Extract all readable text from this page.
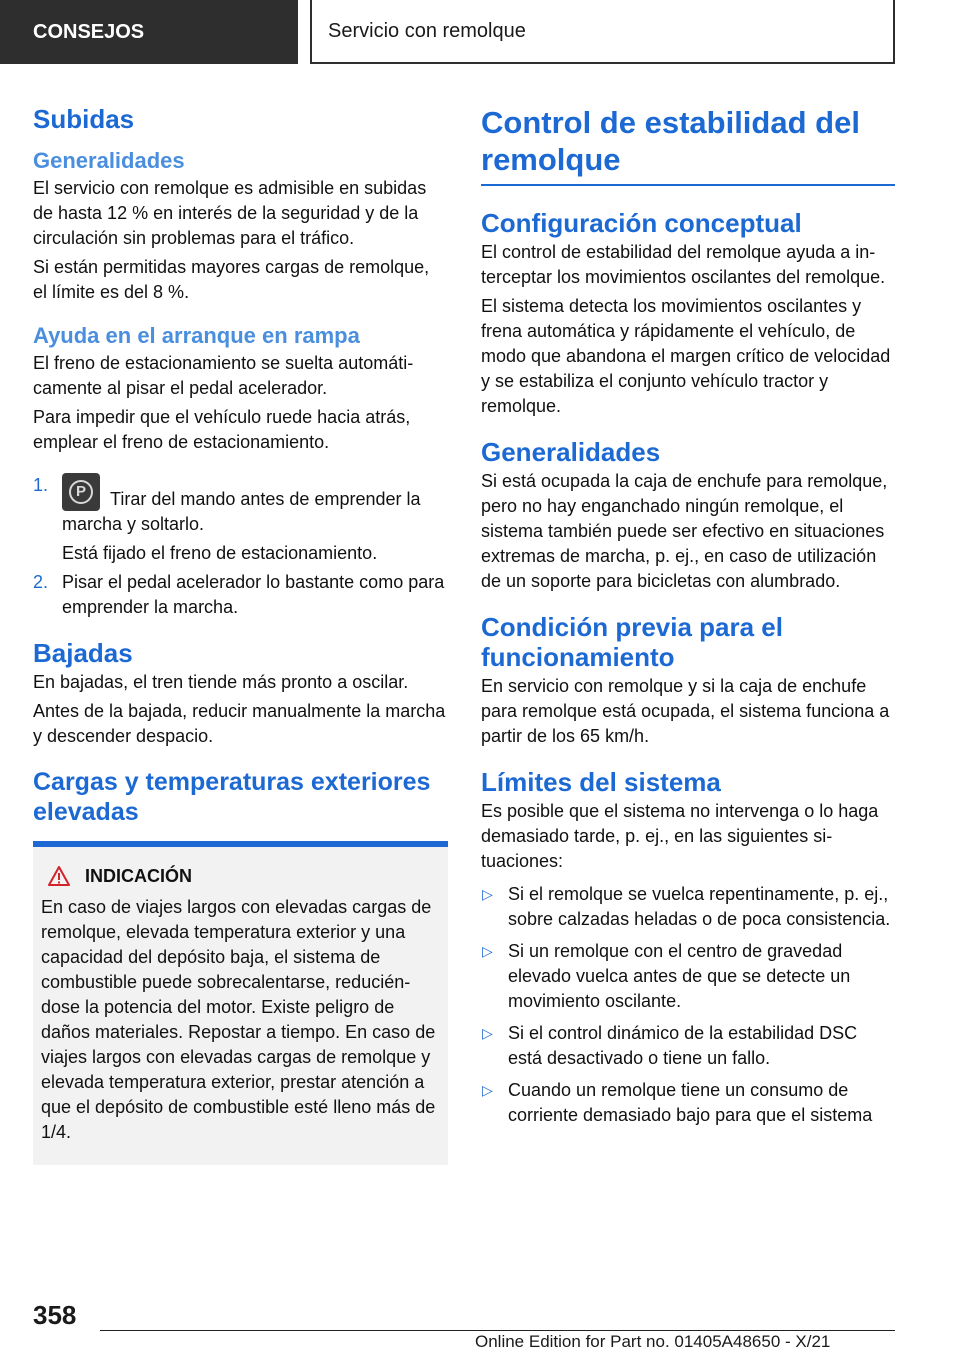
CONSEJOS	Servicio con remolque
Subidas
Generalidades

El servicio con remolque es admisible en subidas de hasta 12 % en interés de la seguridad y de la circulación sin problemas para el tráfico.

Si están permitidas mayores cargas de remolque, el límite es del 8 %.

Ayuda en el arranque en rampa

El freno de estacionamiento se suelta automáticamente al pisar el pedal acelerador.

Para impedir que el vehículo ruede hacia atrás, emplear el freno de estacionamiento.

1.
PTirar del mando antes de emprender la marcha y soltarlo.
Está fijado el freno de estacionamiento.
2. Pisar el pedal acelerador lo bastante como para emprender la marcha.
Bajadas

En bajadas, el tren tiende más pronto a oscilar.

Antes de la bajada, reducir manualmente la marcha y descender despacio.

Cargas y temperaturas exteriores elevadas
INDICACIÓN

En caso de viajes largos con elevadas cargas de remolque, elevada temperatura exterior y una capacidad del depósito baja, el sistema de combustible puede sobrecalentarse, reduciéndose la potencia del motor. Existe peligro de daños materiales. Repostar a tiempo. En caso de viajes largos con elevadas cargas de remolque y elevada temperatura exterior, prestar atención a que el depósito de combustible esté lleno más de 1/4.

Control de estabilidad del remolque
Configuración conceptual

El control de estabilidad del remolque ayuda a interceptar los movimientos oscilantes del remolque.

El sistema detecta los movimientos oscilantes y frena automática y rápidamente el vehículo, de modo que abandona el margen crítico de velocidad y se estabiliza el conjunto vehículo tractor y remolque.

Generalidades

Si está ocupada la caja de enchufe para remolque, pero no hay enganchado ningún remolque, el sistema también puede ser efectivo en situaciones extremas de marcha, p. ej., en caso de utilización de un soporte para bicicletas con alumbrado.

Condición previa para el funcionamiento

En servicio con remolque y si la caja de enchufe para remolque está ocupada, el sistema funciona a partir de los 65 km/h.

Límites del sistema

Es posible que el sistema no intervenga o lo haga demasiado tarde, p. ej., en las siguientes situaciones:

▷ Si el remolque se vuelca repentinamente, p. ej., sobre calzadas heladas o de poca consistencia.
▷ Si un remolque con el centro de gravedad elevado vuelca antes de que se detecte un movimiento oscilante.
▷ Si el control dinámico de la estabilidad DSC está desactivado o tiene un fallo.
▷ Cuando un remolque tiene un consumo de corriente demasiado bajo para que el sistema
358
Online Edition for Part no. 01405A48650 - X/21
